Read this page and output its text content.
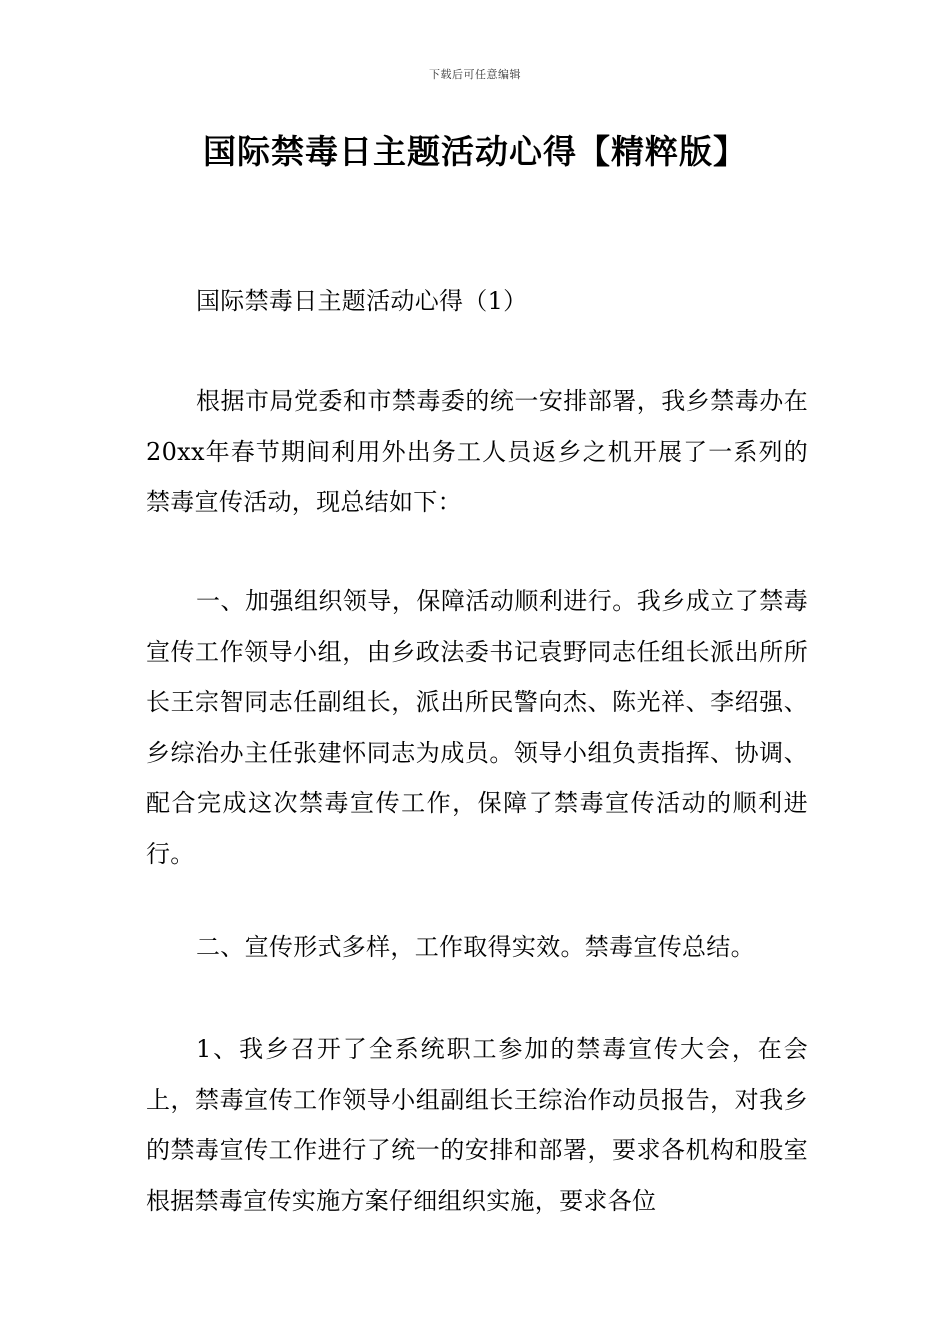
下载后可任意编辑
国际禁毒日主题活动心得【精粹版】

国际禁毒日主题活动心得（1）

根据市局党委和市禁毒委的统一安排部署，我乡禁毒办在20xx年春节期间利用外出务工人员返乡之机开展了一系列的禁毒宣传活动，现总结如下：

一、加强组织领导，保障活动顺利进行。我乡成立了禁毒宣传工作领导小组，由乡政法委书记袁野同志任组长派出所所长王宗智同志任副组长，派出所民警向杰、陈光祥、李绍强、乡综治办主任张建怀同志为成员。领导小组负责指挥、协调、配合完成这次禁毒宣传工作，保障了禁毒宣传活动的顺利进行。

二、宣传形式多样，工作取得实效。禁毒宣传总结。

1、我乡召开了全系统职工参加的禁毒宣传大会，在会上，禁毒宣传工作领导小组副组长王综治作动员报告，对我乡的禁毒宣传工作进行了统一的安排和部署，要求各机构和股室根据禁毒宣传实施方案仔细组织实施，要求各位
